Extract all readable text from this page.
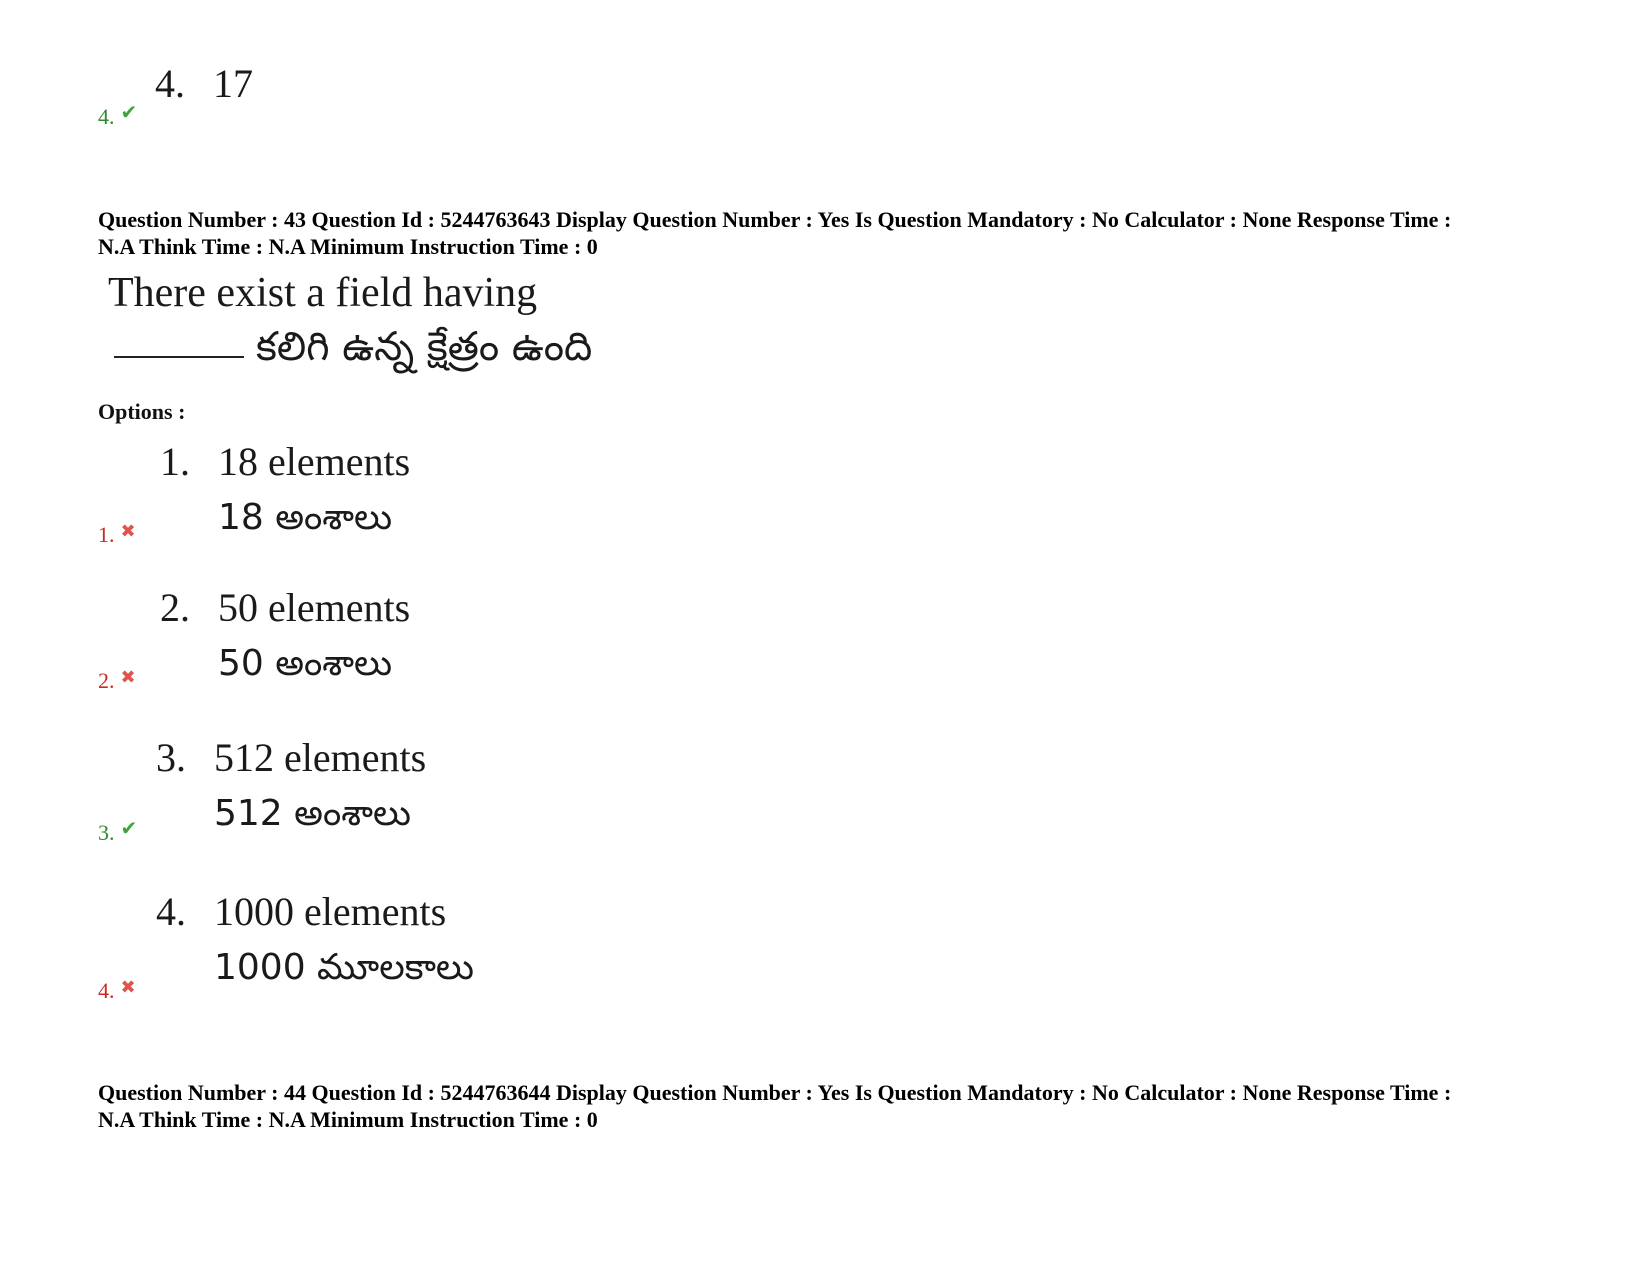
4. 17
4. ✔
Question Number : 43 Question Id : 5244763643 Display Question Number : Yes Is Question Mandatory : No Calculator : None Response Time :
N.A Think Time : N.A Minimum Instruction Time : 0
There exist a field having
కలిగి ఉన్న క్షేత్రం ఉంది
Options :
1. 18 elements
18 అంశాలు
1. ✖
2. 50 elements
50 అంశాలు
2. ✖
3. 512 elements
512 అంశాలు
3. ✔
4. 1000 elements
1000 మూలకాలు
4. ✖
Question Number : 44 Question Id : 5244763644 Display Question Number : Yes Is Question Mandatory : No Calculator : None Response Time :
N.A Think Time : N.A Minimum Instruction Time : 0
